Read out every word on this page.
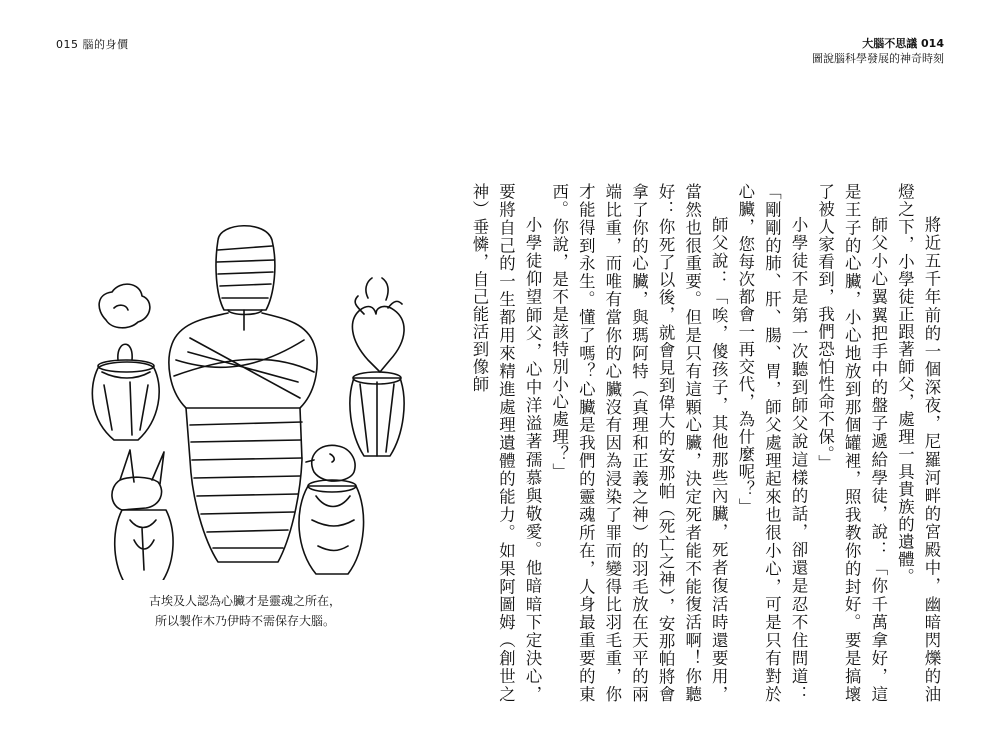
015 腦的身價	大腦不思議 014
圖說腦科學發展的神奇時刻
古埃及人認為心臟才是靈魂之所在，
所以製作木乃伊時不需保存大腦。	將近五千年前的一個深夜，尼羅河畔的宮殿中，幽暗閃爍的油燈之下，小學徒正跟著師父，處理一具貴族的遺體。

師父小心翼翼把手中的盤子遞給學徒，說：「你千萬拿好，這是王子的心臟，小心地放到那個罐裡，照我教你的封好。要是搞壞了被人家看到，我們恐怕性命不保。」

小學徒不是第一次聽到師父說這樣的話，卻還是忍不住問道：「剛剛的肺、肝、腸、胃，師父處理起來也很小心，可是只有對於心臟，您每次都會一再交代，為什麼呢？」

師父說：「唉，傻孩子，其他那些內臟，死者復活時還要用，當然也很重要。但是只有這顆心臟，決定死者能不能復活啊！你聽好：你死了以後，就會見到偉大的安那帕（死亡之神），安那帕將會拿了你的心臟，與瑪阿特（真理和正義之神）的羽毛放在天平的兩端比重，而唯有當你的心臟沒有因為浸染了罪而變得比羽毛重，你才能得到永生。懂了嗎？心臟是我們的靈魂所在，人身最重要的東西。你說，是不是該特別小心處理？」

小學徒仰望師父，心中洋溢著孺慕與敬愛。他暗暗下定決心，要將自己的一生都用來精進處理遺體的能力。如果阿圖姆（創世之神）垂憐，自己能活到像師
